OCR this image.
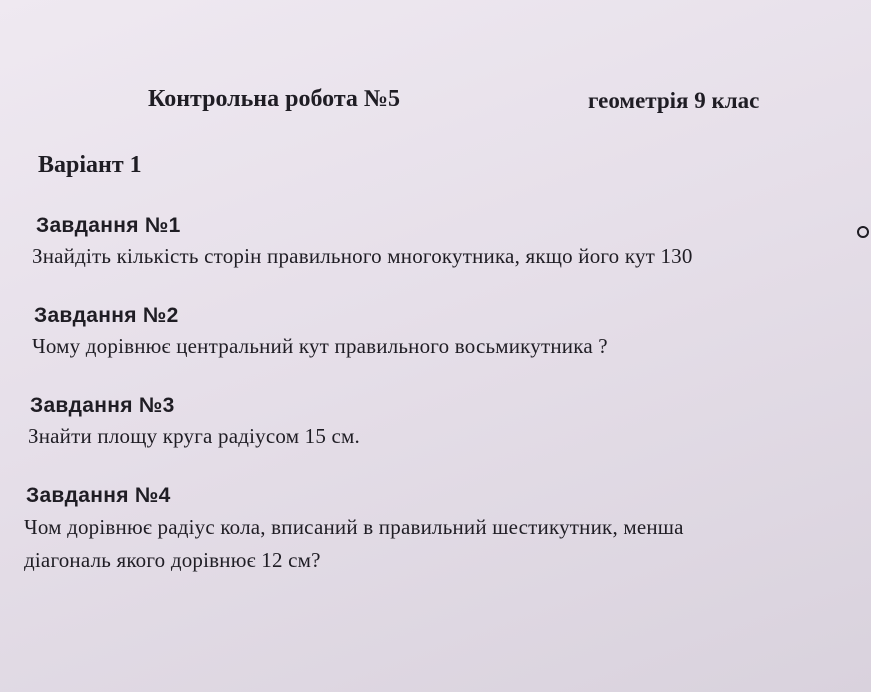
Контрольна робота №5	геометрія 9 клас
Варіант 1
Завдання №1
Знайдіть кількість сторін правильного многокутника, якщо його кут 130
Завдання №2
Чому дорівнює центральний кут правильного восьмикутника ?
Завдання №3
Знайти площу круга радіусом 15 см.
Завдання №4
Чом дорівнює радіус кола, вписаний в правильний шестикутник, менша
діагональ якого дорівнює 12 см?
